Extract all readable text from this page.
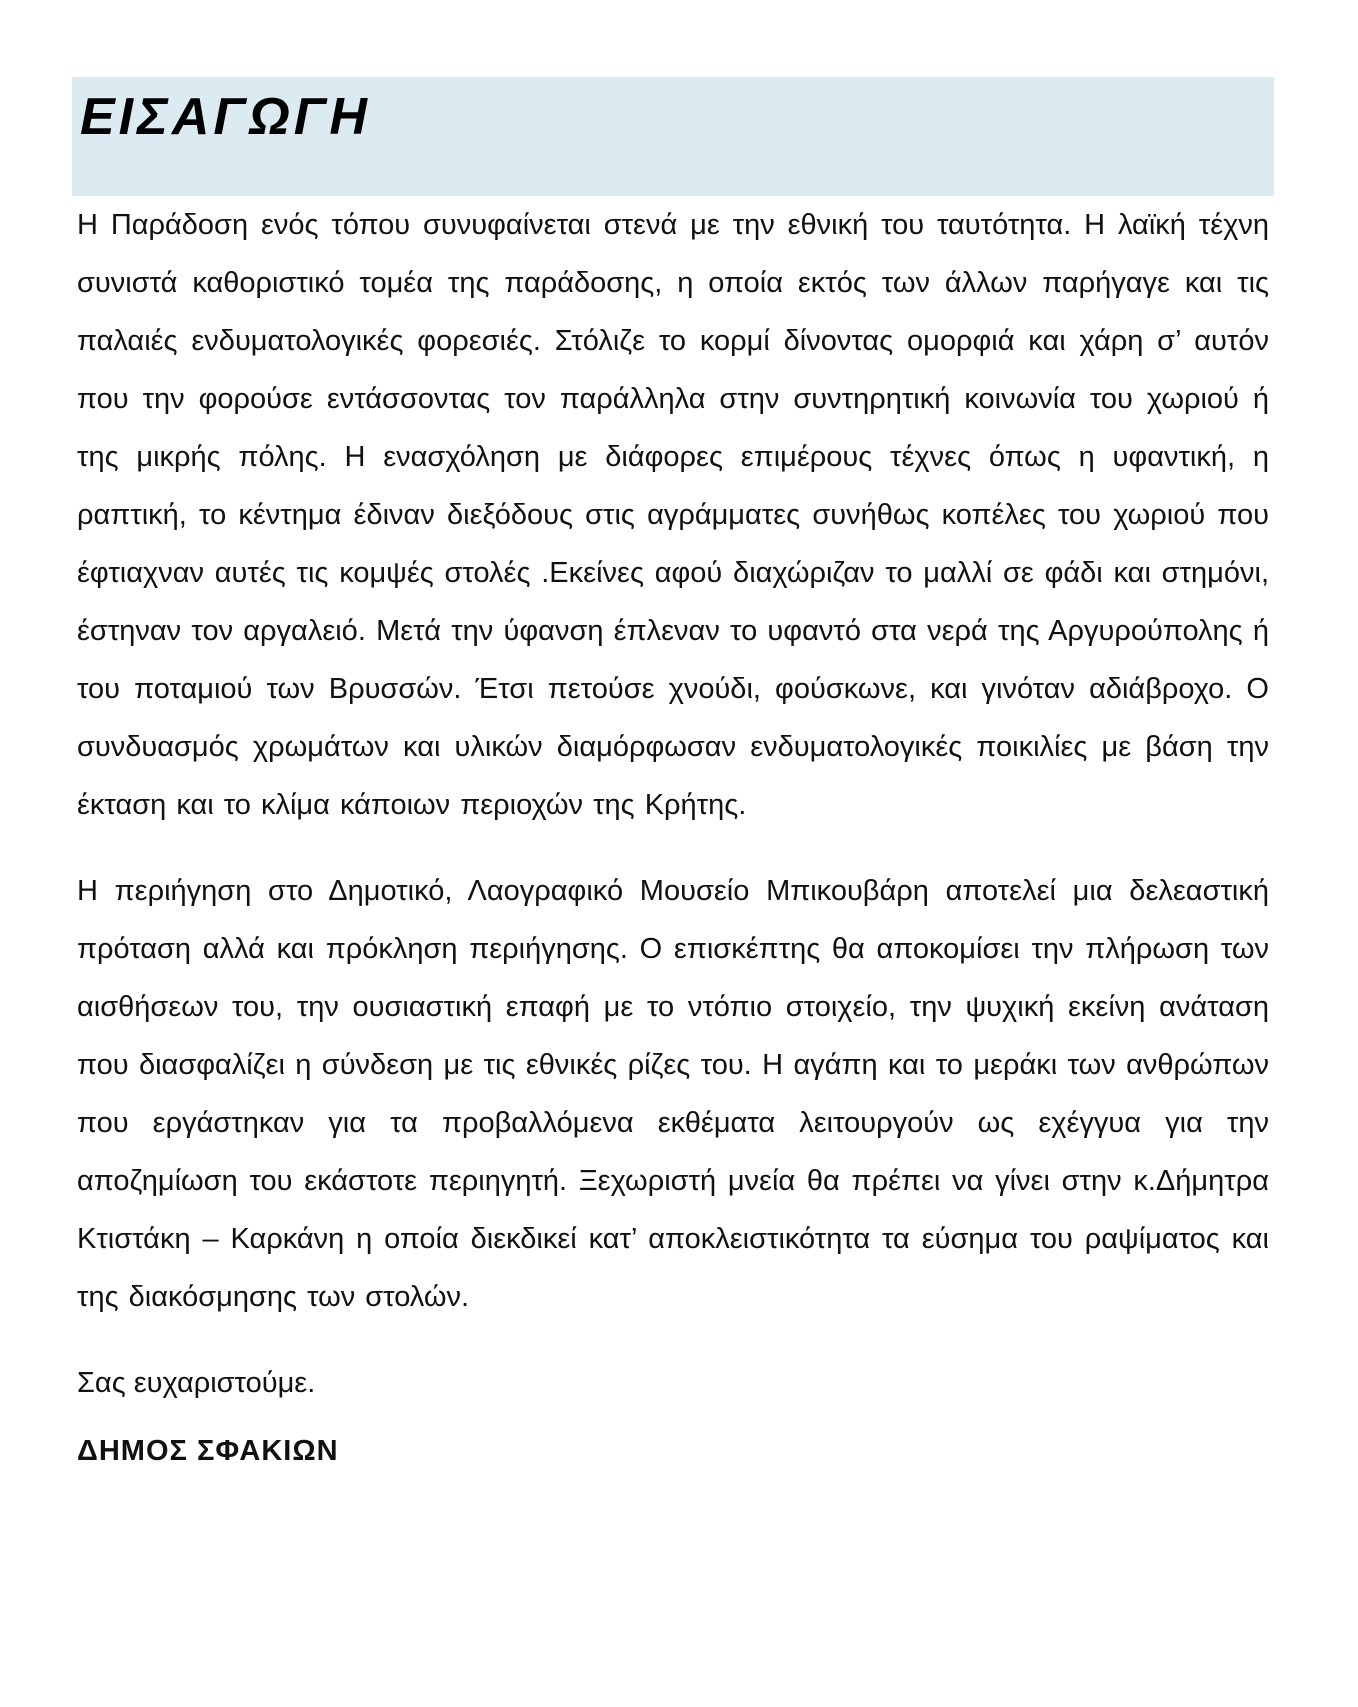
ΕΙΣΑΓΩΓΗ

Η Παράδοση ενός τόπου συνυφαίνεται στενά με την εθνική του ταυτότητα. Η λαϊκή τέχνη συνιστά καθοριστικό τομέα της παράδοσης, η οποία εκτός των άλλων παρήγαγε και τις παλαιές ενδυματολογικές φορεσιές. Στόλιζε το κορμί δίνοντας ομορφιά και χάρη σ’ αυτόν που την φορούσε εντάσσοντας τον παράλληλα στην συντηρητική κοινωνία του χωριού ή της μικρής πόλης. Η ενασχόληση με διάφορες επιμέρους τέχνες όπως η υφαντική, η ραπτική, το κέντημα έδιναν διεξόδους στις αγράμματες συνήθως κοπέλες του χωριού που έφτιαχναν αυτές τις κομψές στολές .Εκείνες αφού διαχώριζαν το μαλλί σε φάδι και στημόνι, έστηναν τον αργαλειό. Μετά την ύφανση έπλεναν το υφαντό στα νερά της Αργυρούπολης ή του ποταμιού των Βρυσσών. Έτσι πετούσε χνούδι, φούσκωνε, και γινόταν αδιάβροχο. Ο συνδυασμός χρωμάτων και υλικών διαμόρφωσαν ενδυματολογικές ποικιλίες με βάση την έκταση και το κλίμα κάποιων περιοχών της Κρήτης.

Η περιήγηση στο Δημοτικό, Λαογραφικό Μουσείο Μπικουβάρη αποτελεί μια δελεαστική πρόταση αλλά και πρόκληση περιήγησης. Ο επισκέπτης θα αποκομίσει την πλήρωση των αισθήσεων του, την ουσιαστική επαφή με το ντόπιο στοιχείο, την ψυχική εκείνη ανάταση που διασφαλίζει η σύνδεση με τις εθνικές ρίζες του. Η αγάπη και το μεράκι των ανθρώπων που εργάστηκαν για τα προβαλλόμενα εκθέματα λειτουργούν ως εχέγγυα για την αποζημίωση του εκάστοτε περιηγητή. Ξεχωριστή μνεία θα πρέπει να γίνει στην κ.Δήμητρα Κτιστάκη – Καρκάνη η οποία διεκδικεί κατ’ αποκλειστικότητα τα εύσημα του ραψίματος και της διακόσμησης των στολών.

Σας ευχαριστούμε.

ΔΗΜΟΣ ΣΦΑΚΙΩΝ
